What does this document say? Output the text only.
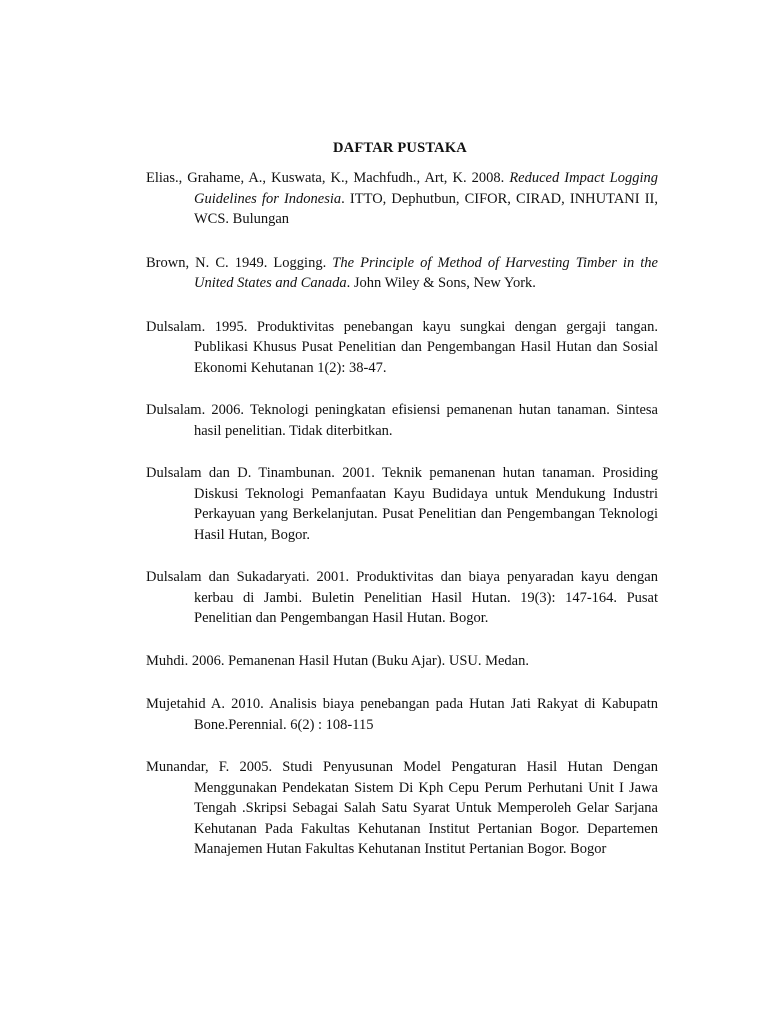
DAFTAR PUSTAKA

Elias., Grahame, A., Kuswata, K., Machfudh., Art, K. 2008. Reduced Impact Logging Guidelines for Indonesia. ITTO, Dephutbun, CIFOR, CIRAD, INHUTANI II, WCS. Bulungan

Brown, N. C. 1949. Logging. The Principle of Method of Harvesting Timber in the United States and Canada. John Wiley & Sons, New York.

Dulsalam. 1995. Produktivitas penebangan kayu sungkai dengan gergaji tangan. Publikasi Khusus Pusat Penelitian dan Pengembangan Hasil Hutan dan Sosial Ekonomi Kehutanan 1(2): 38-47.

Dulsalam. 2006. Teknologi peningkatan efisiensi pemanenan hutan tanaman. Sintesa hasil penelitian. Tidak diterbitkan.

Dulsalam dan D. Tinambunan. 2001. Teknik pemanenan hutan tanaman. Prosiding Diskusi Teknologi Pemanfaatan Kayu Budidaya untuk Mendukung Industri Perkayuan yang Berkelanjutan. Pusat Penelitian dan Pengembangan Teknologi Hasil Hutan, Bogor.

Dulsalam dan Sukadaryati. 2001. Produktivitas dan biaya penyaradan kayu dengan kerbau di Jambi. Buletin Penelitian Hasil Hutan. 19(3): 147-164. Pusat Penelitian dan Pengembangan Hasil Hutan. Bogor.

Muhdi. 2006. Pemanenan Hasil Hutan (Buku Ajar). USU. Medan.

Mujetahid A. 2010. Analisis biaya penebangan pada Hutan Jati Rakyat di Kabupatn Bone.Perennial. 6(2) : 108-115

Munandar, F. 2005. Studi Penyusunan Model Pengaturan Hasil Hutan Dengan Menggunakan Pendekatan Sistem Di Kph Cepu Perum Perhutani Unit I Jawa Tengah .Skripsi Sebagai Salah Satu Syarat Untuk Memperoleh Gelar Sarjana Kehutanan Pada Fakultas Kehutanan Institut Pertanian Bogor. Departemen Manajemen Hutan Fakultas Kehutanan Institut Pertanian Bogor. Bogor
